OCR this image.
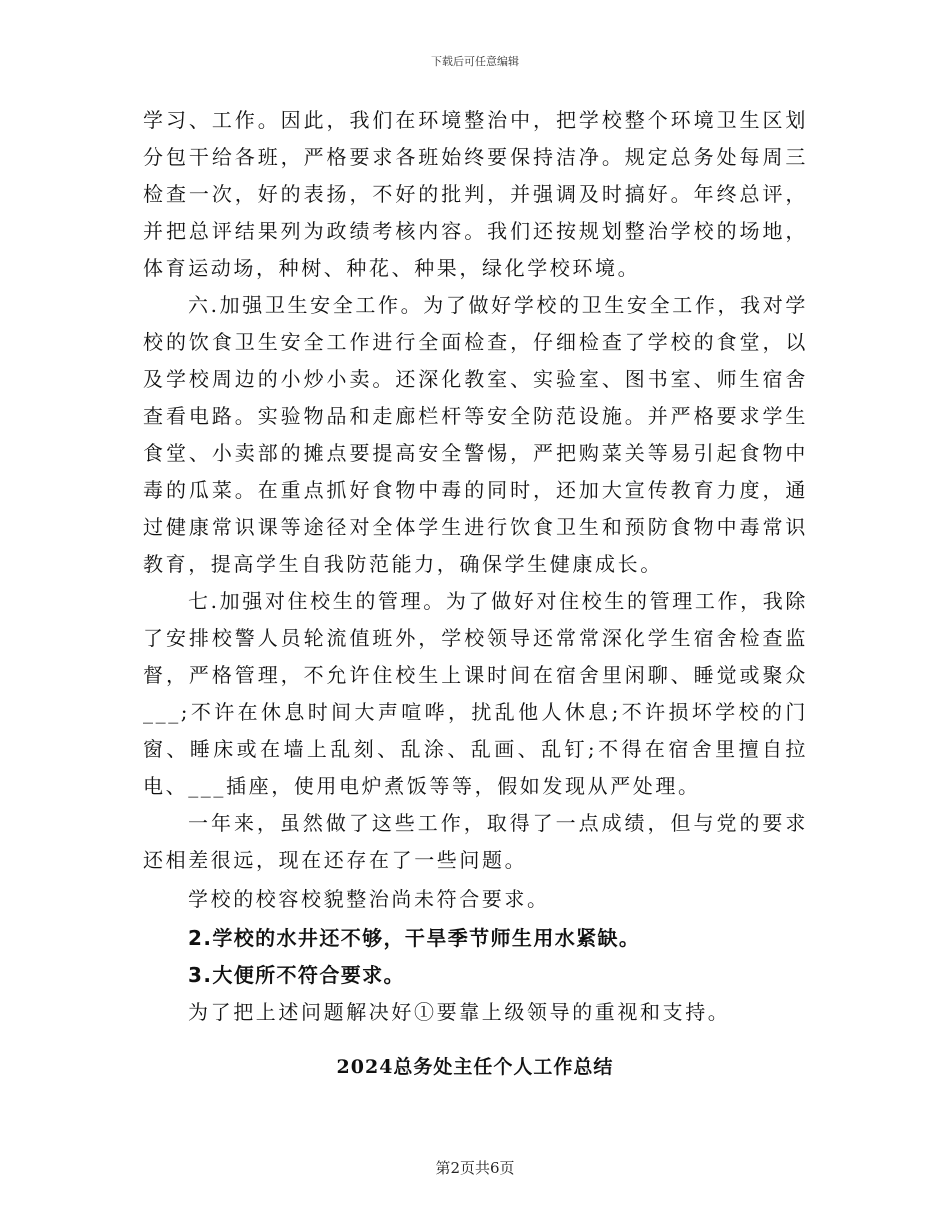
下载后可任意编辑

学习、工作。因此，我们在环境整治中，把学校整个环境卫生区划分包干给各班，严格要求各班始终要保持洁净。规定总务处每周三检查一次，好的表扬，不好的批判，并强调及时搞好。年终总评，并把总评结果列为政绩考核内容。我们还按规划整治学校的场地，体育运动场，种树、种花、种果，绿化学校环境。

六.加强卫生安全工作。为了做好学校的卫生安全工作，我对学校的饮食卫生安全工作进行全面检查，仔细检查了学校的食堂，以及学校周边的小炒小卖。还深化教室、实验室、图书室、师生宿舍查看电路。实验物品和走廊栏杆等安全防范设施。并严格要求学生食堂、小卖部的摊点要提高安全警惕，严把购菜关等易引起食物中毒的瓜菜。在重点抓好食物中毒的同时，还加大宣传教育力度，通过健康常识课等途径对全体学生进行饮食卫生和预防食物中毒常识教育，提高学生自我防范能力，确保学生健康成长。

七.加强对住校生的管理。为了做好对住校生的管理工作，我除了安排校警人员轮流值班外，学校领导还常常深化学生宿舍检查监督，严格管理，不允许住校生上课时间在宿舍里闲聊、睡觉或聚众___;不许在休息时间大声喧哗，扰乱他人休息;不许损坏学校的门窗、睡床或在墙上乱刻、乱涂、乱画、乱钉;不得在宿舍里擅自拉电、___插座，使用电炉煮饭等等，假如发现从严处理。

一年来，虽然做了这些工作，取得了一点成绩，但与党的要求还相差很远，现在还存在了一些问题。

学校的校容校貌整治尚未符合要求。

2.学校的水井还不够，干旱季节师生用水紧缺。

3.大便所不符合要求。

为了把上述问题解决好①要靠上级领导的重视和支持。

2024总务处主任个人工作总结
第2页共6页
